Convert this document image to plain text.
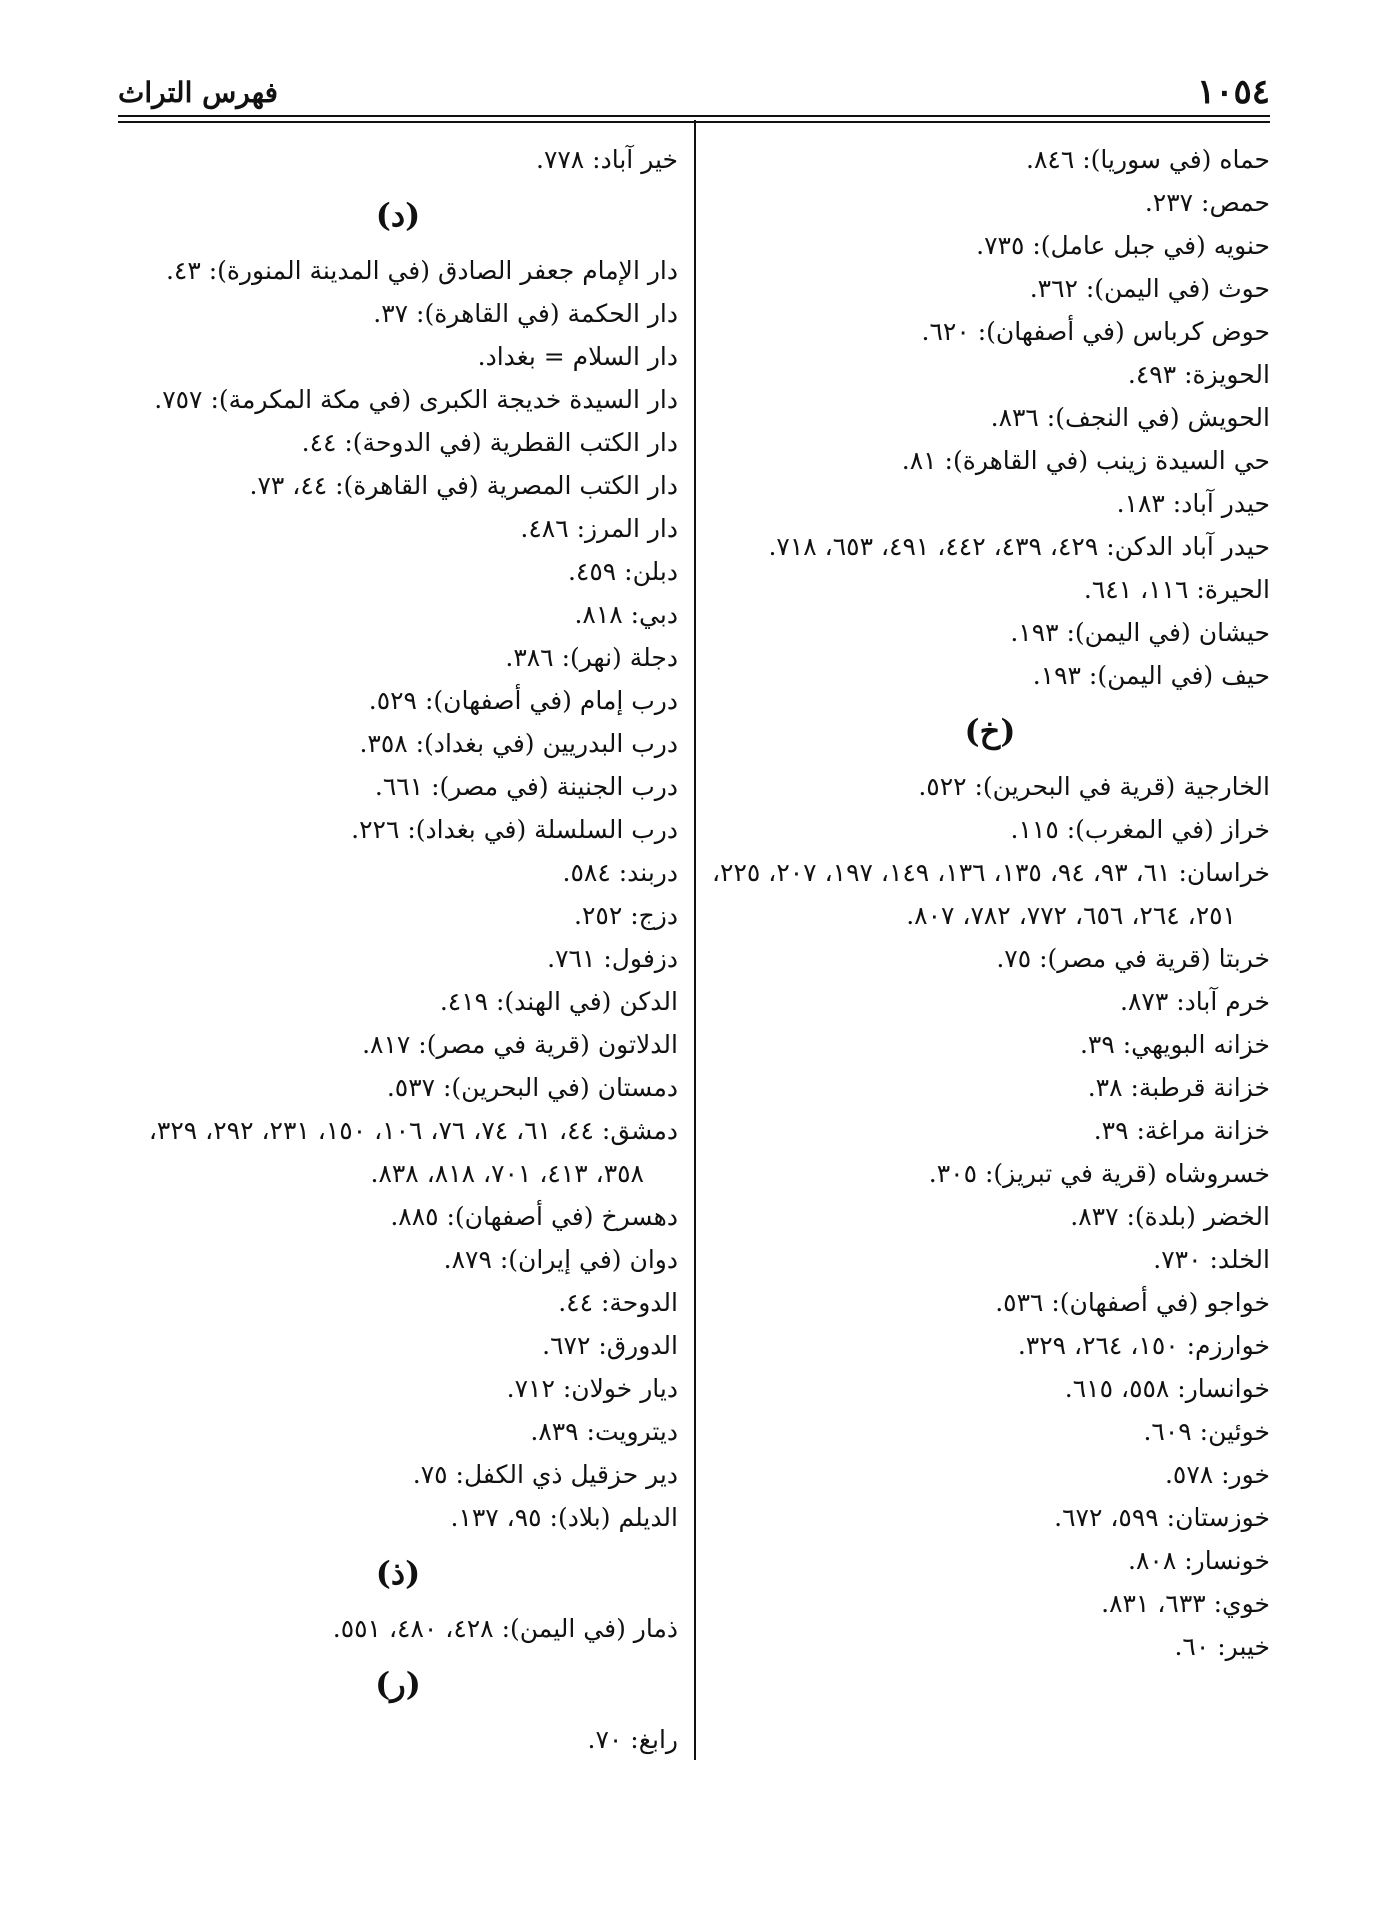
١٠٥٤
فهرس التراث
حماه (في سوريا): ٨٤٦.
حمص: ٢٣٧.
حنويه (في جبل عامل): ٧٣٥.
حوث (في اليمن): ٣٦٢.
حوض كرباس (في أصفهان): ٦٢٠.
الحويزة: ٤٩٣.
الحويش (في النجف): ٨٣٦.
حي السيدة زينب (في القاهرة): ٨١.
حيدر آباد: ١٨٣.
حيدر آباد الدكن: ٤٢٩، ٤٣٩، ٤٤٢، ٤٩١، ٦٥٣، ٧١٨.
الحيرة: ١١٦، ٦٤١.
حيشان (في اليمن): ١٩٣.
حيف (في اليمن): ١٩٣.
(خ)
الخارجية (قرية في البحرين): ٥٢٢.
خراز (في المغرب): ١١٥.
خراسان: ٦١، ٩٣، ٩٤، ١٣٥، ١٣٦، ١٤٩، ١٩٧، ٢٠٧، ٢٢٥، ٢٥١، ٢٦٤، ٦٥٦، ٧٧٢، ٧٨٢، ٨٠٧.
خربتا (قرية في مصر): ٧٥.
خرم آباد: ٨٧٣.
خزانه البويهي: ٣٩.
خزانة قرطبة: ٣٨.
خزانة مراغة: ٣٩.
خسروشاه (قرية في تبريز): ٣٠٥.
الخضر (بلدة): ٨٣٧.
الخلد: ٧٣٠.
خواجو (في أصفهان): ٥٣٦.
خوارزم: ١٥٠، ٢٦٤، ٣٢٩.
خوانسار: ٥٥٨، ٦١٥.
خوئين: ٦٠٩.
خور: ٥٧٨.
خوزستان: ٥٩٩، ٦٧٢.
خونسار: ٨٠٨.
خوي: ٦٣٣، ٨٣١.
خيبر: ٦٠.
خير آباد: ٧٧٨.
(د)
دار الإمام جعفر الصادق (في المدينة المنورة): ٤٣.
دار الحكمة (في القاهرة): ٣٧.
دار السلام = بغداد.
دار السيدة خديجة الكبرى (في مكة المكرمة): ٧٥٧.
دار الكتب القطرية (في الدوحة): ٤٤.
دار الكتب المصرية (في القاهرة): ٤٤، ٧٣.
دار المرز: ٤٨٦.
دبلن: ٤٥٩.
دبي: ٨١٨.
دجلة (نهر): ٣٨٦.
درب إمام (في أصفهان): ٥٢٩.
درب البدريين (في بغداد): ٣٥٨.
درب الجنينة (في مصر): ٦٦١.
درب السلسلة (في بغداد): ٢٢٦.
دربند: ٥٨٤.
دزج: ٢٥٢.
دزفول: ٧٦١.
الدكن (في الهند): ٤١٩.
الدلاتون (قرية في مصر): ٨١٧.
دمستان (في البحرين): ٥٣٧.
دمشق: ٤٤، ٦١، ٧٤، ٧٦، ١٠٦، ١٥٠، ٢٣١، ٢٩٢، ٣٢٩، ٣٥٨، ٤١٣، ٧٠١، ٨١٨، ٨٣٨.
دهسرخ (في أصفهان): ٨٨٥.
دوان (في إيران): ٨٧٩.
الدوحة: ٤٤.
الدورق: ٦٧٢.
ديار خولان: ٧١٢.
ديترويت: ٨٣٩.
دير حزقيل ذي الكفل: ٧٥.
الديلم (بلاد): ٩٥، ١٣٧.
(ذ)
ذمار (في اليمن): ٤٢٨، ٤٨٠، ٥٥١.
(ر)
رابغ: ٧٠.
